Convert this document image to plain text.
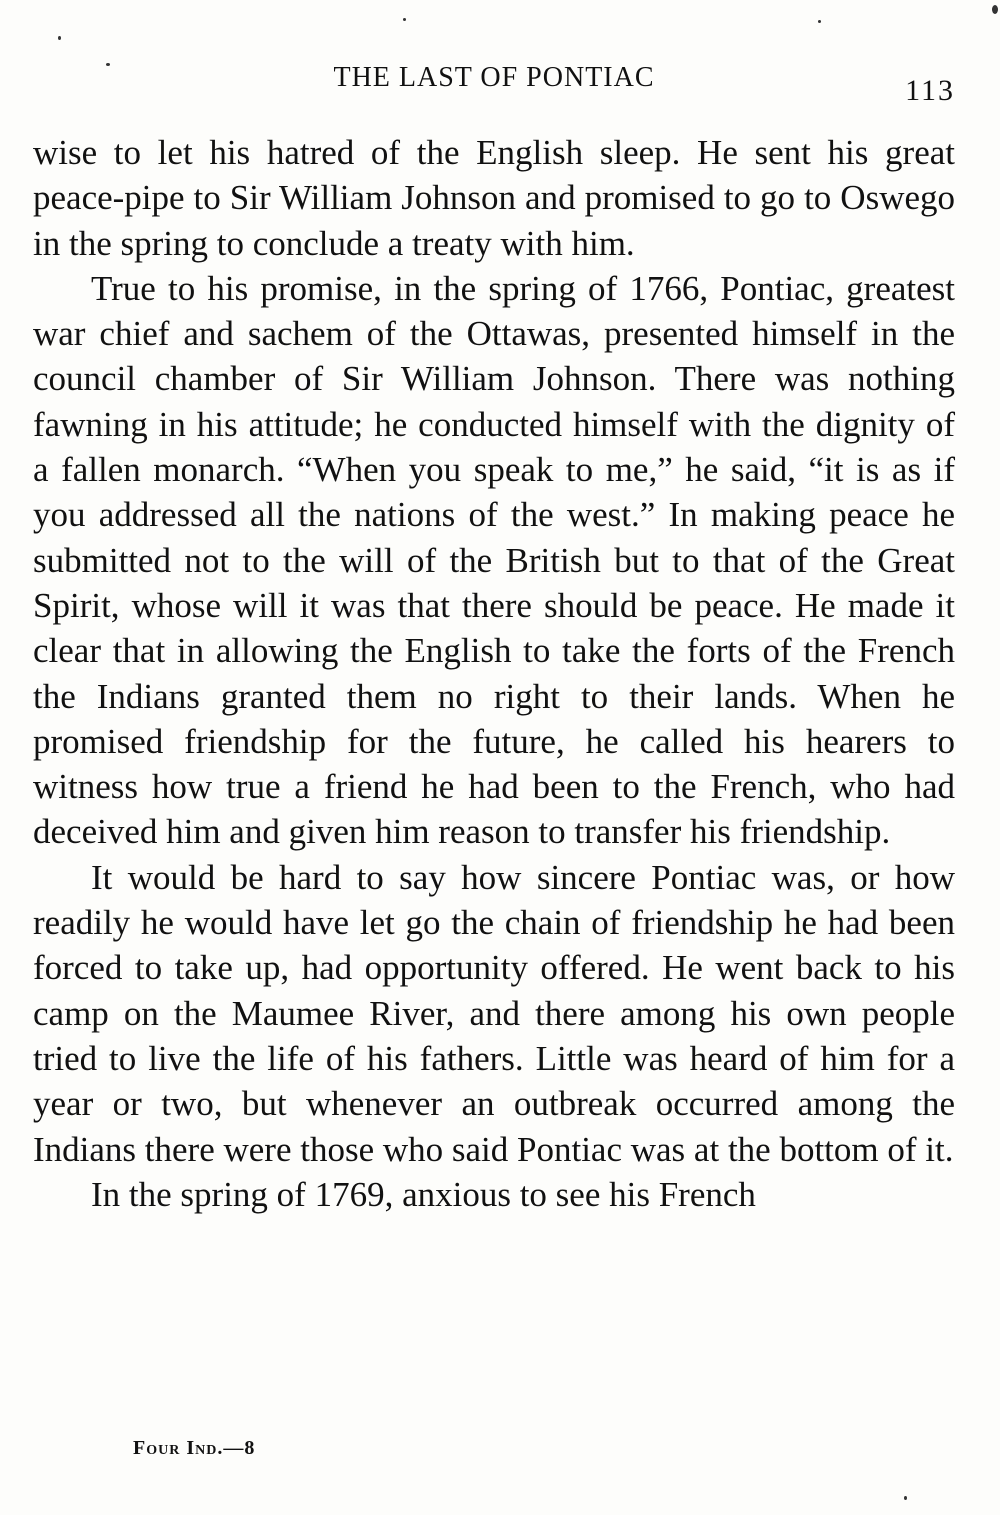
THE LAST OF PONTIAC	113

wise to let his hatred of the English sleep. He sent his great peace-pipe to Sir William Johnson and promised to go to Oswego in the spring to conclude a treaty with him.

True to his promise, in the spring of 1766, Pontiac, greatest war chief and sachem of the Ottawas, presented himself in the council chamber of Sir William Johnson. There was nothing fawning in his attitude; he conducted himself with the dignity of a fallen monarch. “When you speak to me,” he said, “it is as if you addressed all the nations of the west.” In making peace he submitted not to the will of the British but to that of the Great Spirit, whose will it was that there should be peace. He made it clear that in allowing the English to take the forts of the French the Indians granted them no right to their lands. When he promised friendship for the future, he called his hearers to witness how true a friend he had been to the French, who had deceived him and given him reason to transfer his friendship.

It would be hard to say how sincere Pontiac was, or how readily he would have let go the chain of friendship he had been forced to take up, had opportunity offered. He went back to his camp on the Maumee River, and there among his own people tried to live the life of his fathers. Little was heard of him for a year or two, but whenever an outbreak occurred among the Indians there were those who said Pontiac was at the bottom of it.

In the spring of 1769, anxious to see his French

Four Ind.—8
